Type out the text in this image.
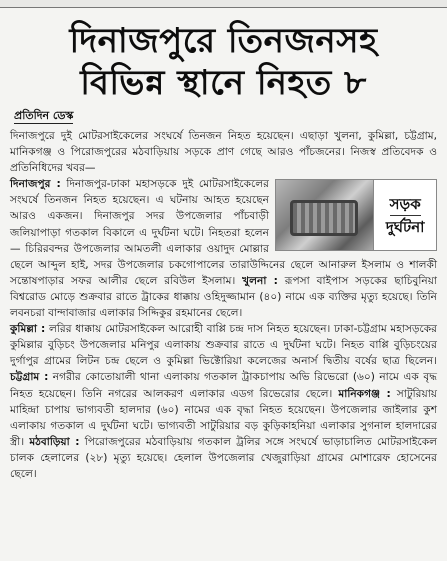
দিনাজপুরে তিনজনসহ
বিভিন্ন স্থানে নিহত ৮
প্রতিদিন ডেস্ক

দিনাজপুরে দুই মোটরসাইকেলের সংঘর্ষে তিনজন নিহত হয়েছেন। এছাড়া খুলনা, কুমিল্লা, চট্টগ্রাম, মানিকগঞ্জ ও পিরোজপুরের মঠবাড়িয়ায় সড়কে প্রাণ গেছে আরও পাঁচজনের। নিজস্ব প্রতিবেদক ও প্রতিনিধিদের খবর—

সড়ক
দুর্ঘটনা
দিনাজপুর : দিনাজপুর-ঢাকা মহাসড়কে দুই মোটরসাইকেলের সংঘর্ষে তিনজন নিহত হয়েছেন। এ ঘটনায় আহত হয়েছেন আরও একজন। দিনাজপুর সদর উপজেলার পাঁচবাড়ী জলিয়াপাড়া গতকাল বিকালে এ দুর্ঘটনা ঘটে। নিহতরা হলেন— চিরিরবন্দর উপজেলার আমতলী এলাকার ওয়াদুদ মোল্লার ছেলে আব্দুল হাই, সদর উপজেলার চকগোপালের তারাউদ্দিনের ছেলে আনারুল ইসলাম ও শালকী সন্তোষপাড়ার সফর আলীর ছেলে রবিউল ইসলাম। খুলনা : রূপসা বাইপাস সড়কের ছাচিবুনিয়া বিশ্বরোড মোড়ে শুক্রবার রাতে ট্রাকের ধাক্কায় ওহিদুজ্জামান (৪০) নামে এক ব্যক্তির মৃত্যু হয়েছে। তিনি লবনচরা বান্দাবাজার এলাকার সিদ্দিকুর রহমানের ছেলে।

কুমিল্লা : লরির ধাক্কায় মোটরসাইকেল আরোহী বাপ্পি চন্দ্র দাস নিহত হয়েছেন। ঢাকা-চট্টগ্রাম মহাসড়কের কুমিল্লার বুড়িচং উপজেলার মনিপুর এলাকায় শুক্রবার রাতে এ দুর্ঘটনা ঘটে। নিহত বাপ্পি বুড়িচংয়ের দুর্গাপুর গ্রামের লিটন চন্দ্র ছেলে ও কুমিল্লা ভিক্টোরিয়া কলেজের অনার্স দ্বিতীয় বর্ষের ছাত্র ছিলেন। চট্টগ্রাম : নগরীর কোতোয়ালী থানা এলাকায় গতকাল ট্রাকচাপায় অভি রিভেরো (৬০) নামে এক বৃদ্ধ নিহত হয়েছেন। তিনি নগরের আলকরণ এলাকার এডগ রিভেরোর ছেলে। মানিকগঞ্জ : সাটুরিয়ায় মাহিন্দ্রা চাপায় ভাগ্যবতী হালদার (৬০) নামের এক বৃদ্ধা নিহত হয়েছেন। উপজেলার জাইলার কুশ এলাকায় গতকাল এ দুর্ঘটনা ঘটে। ভাগ্যবতী সাটুরিয়ার বড় কুড়িকাহনিয়া এলাকার সুগনাল হালদারের স্ত্রী। মঠবাড়িয়া : পিরোজপুরের মঠবাড়িয়ায় গতকাল ট্রলির সঙ্গে সংঘর্ষে ভাড়াচালিত মোটরসাইকেল চালক হেলালের (২৮) মৃত্যু হয়েছে। হেলাল উপজেলার খেজুরাড়িয়া গ্রামের মোশারেফ হোসেনের ছেলে।
